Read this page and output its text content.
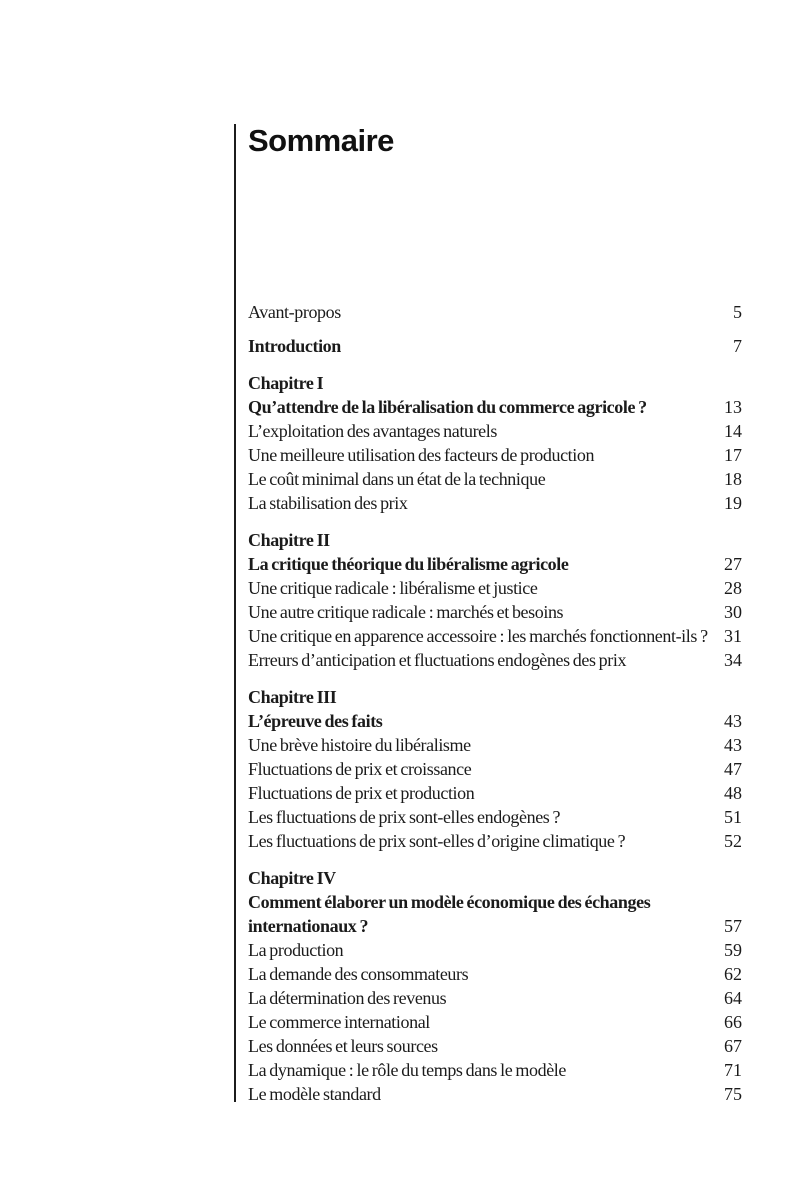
Sommaire
Avant-propos	5
Introduction	7
Chapitre I
Qu’attendre de la libéralisation du commerce agricole ?	13
L’exploitation des avantages naturels	14
Une meilleure utilisation des facteurs de production	17
Le coût minimal dans un état de la technique	18
La stabilisation des prix	19
Chapitre II
La critique théorique du libéralisme agricole	27
Une critique radicale : libéralisme et justice	28
Une autre critique radicale : marchés et besoins	30
Une critique en apparence accessoire : les marchés fonctionnent-ils ? 31
Erreurs d’anticipation et fluctuations endogènes des prix	34
Chapitre III
L’épreuve des faits	43
Une brève histoire du libéralisme	43
Fluctuations de prix et croissance	47
Fluctuations de prix et production	48
Les fluctuations de prix sont-elles endogènes ?	51
Les fluctuations de prix sont-elles d’origine climatique ?	52
Chapitre IV
Comment élaborer un modèle économique des échanges internationaux ?	57
La production	59
La demande des consommateurs	62
La détermination des revenus	64
Le commerce international	66
Les données et leurs sources	67
La dynamique : le rôle du temps dans le modèle	71
Le modèle standard	75
